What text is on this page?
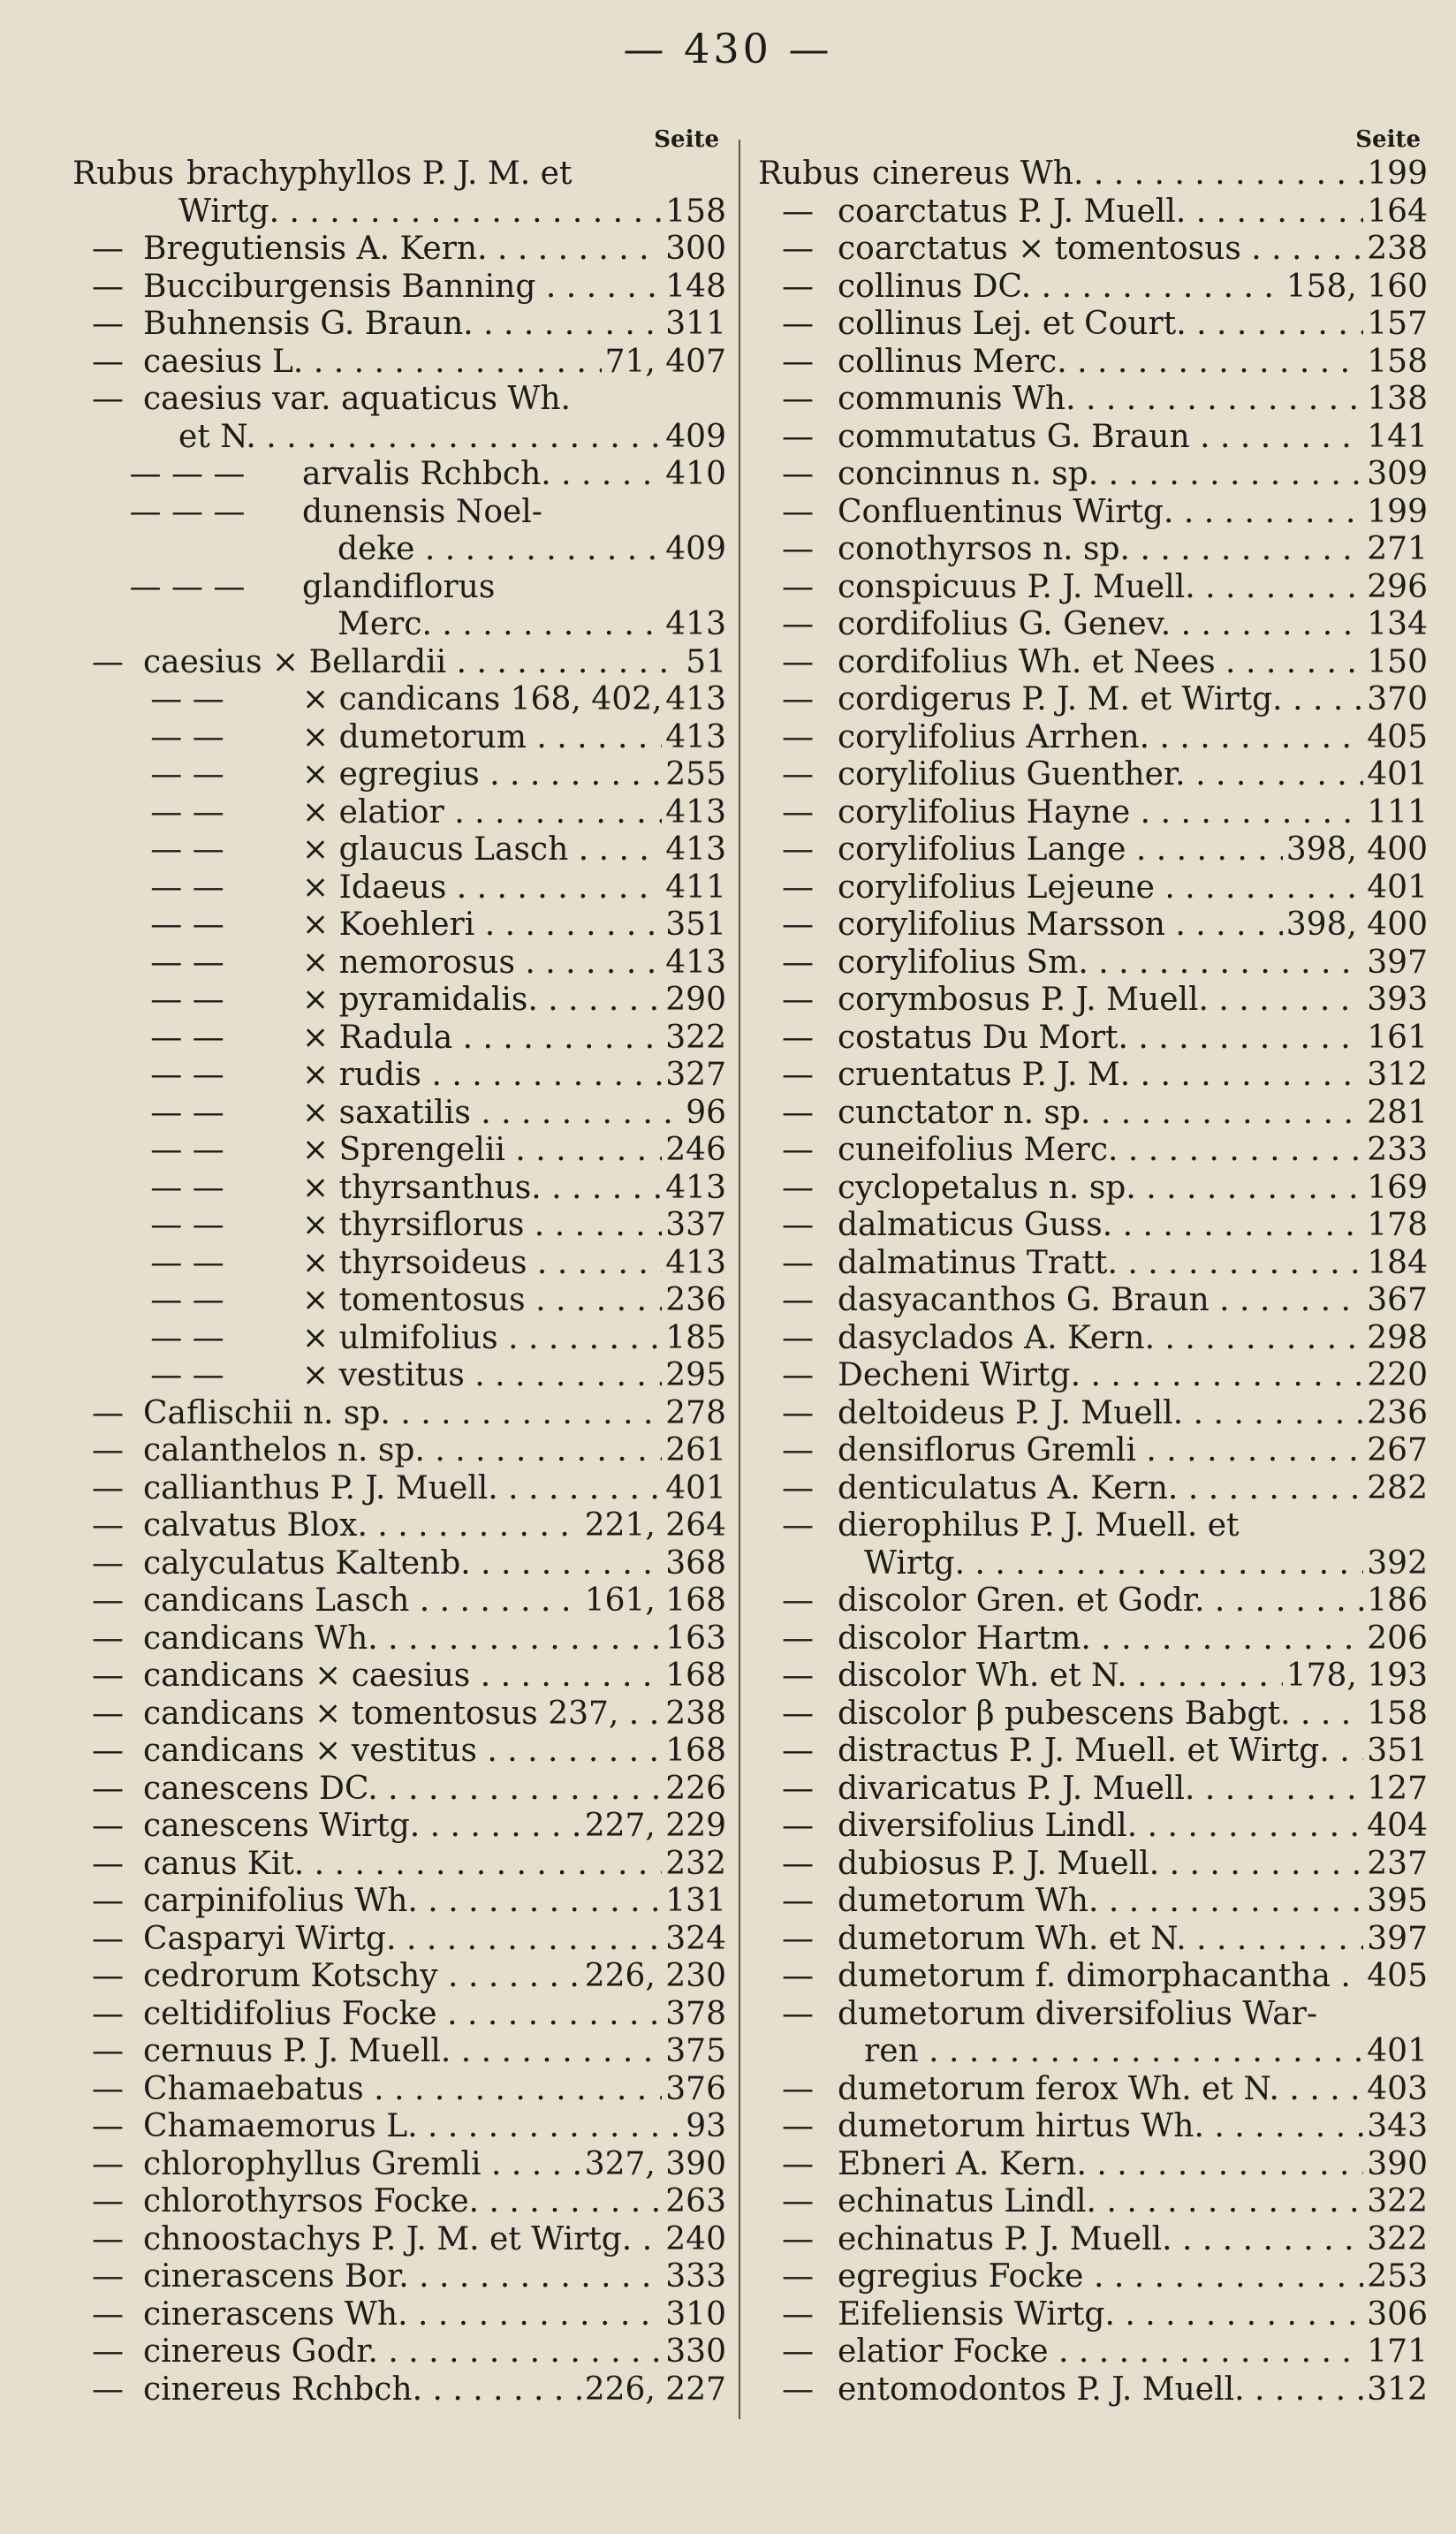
— 430 —
Seite
Rubus brachyphyllos P. J. M. et
Wirtg. . . .	158
— Bregutiensis A. Kern. . . .	300
— Bucciburgensis Banning . . .	148
— Buhnensis G. Braun. . . .	311
— caesius L. . . .	71, 407
— caesius var. aquaticus Wh.
et N. . . .	409
— — —	arvalis Rchbch. . . .	410
— — —	dunensis Noel-
deke . . .	409
— — —	glandiflorus
Merc. . . .	413
— caesius × Bellardii . . .	51
— —	× candicans 168, 402, . . . 413
— —	× dumetorum . . .	413
— —	× egregius . . .	255
— —	× elatior . . .	413
— —	× glaucus Lasch . . .	413
— —	× Idaeus . . .	411
— —	× Koehleri . . .	351
— —	× nemorosus . . .	413
— —	× pyramidalis. . . .	290
— —	× Radula . . .	322
— —	× rudis . . .	327
— —	× saxatilis . . .	96
— —	× Sprengelii . . .	246
— —	× thyrsanthus. . . .	413
— —	× thyrsiflorus . . .	337
— —	× thyrsoideus . . .	413
— —	× tomentosus . . .	236
— —	× ulmifolius . . .	185
— —	× vestitus . . .	295
— Caflischii n. sp. . . .	278
— calanthelos n. sp. . . .	261
— callianthus P. J. Muell. . . .	401
— calvatus Blox. . . .	221, 264
— calyculatus Kaltenb. . . .	368
— candicans Lasch . . .	161, 168
— candicans Wh. . . .	163
— candicans × caesius . . .	168
— candicans × tomentosus 237, . . .	238
— candicans × vestitus . . .	168
— canescens DC. . . .	226
— canescens Wirtg. . . .	227, 229
— canus Kit. . . .	232
— carpinifolius Wh. . . .	131
— Casparyi Wirtg. . . .	324
— cedrorum Kotschy . . .	226, 230
— celtidifolius Focke . . .	378
— cernuus P. J. Muell. . . .	375
— Chamaebatus . . .	376
— Chamaemorus L. . . .	93
— chlorophyllus Gremli . . .	327, 390
— chlorothyrsos Focke. . . .	263
— chnoostachys P. J. M. et Wirtg. . . .	240
— cinerascens Bor. . . .	333
— cinerascens Wh. . . .	310
— cinereus Godr. . . .	330
— cinereus Rchbch. . . .	226, 227
Seite
Rubus cinereus Wh. . . .	199
— coarctatus P. J. Muell. . . .	164
— coarctatus × tomentosus . . .	238
— collinus DC. . . .	158, 160
— collinus Lej. et Court. . . .	157
— collinus Merc. . . .	158
— communis Wh. . . .	138
— commutatus G. Braun . . .	141
— concinnus n. sp. . . .	309
— Confluentinus Wirtg. . . .	199
— conothyrsos n. sp. . . .	271
— conspicuus P. J. Muell. . . .	296
— cordifolius G. Genev. . . .	134
— cordifolius Wh. et Nees . . .	150
— cordigerus P. J. M. et Wirtg. . . .	370
— corylifolius Arrhen. . . .	405
— corylifolius Guenther. . . .	401
— corylifolius Hayne . . .	111
— corylifolius Lange . . .	398, 400
— corylifolius Lejeune . . .	401
— corylifolius Marsson . . .	398, 400
— corylifolius Sm. . . .	397
— corymbosus P. J. Muell. . . .	393
— costatus Du Mort. . . .	161
— cruentatus P. J. M. . . .	312
— cunctator n. sp. . . .	281
— cuneifolius Merc. . . .	233
— cyclopetalus n. sp. . . .	169
— dalmaticus Guss. . . .	178
— dalmatinus Tratt. . . .	184
— dasyacanthos G. Braun . . .	367
— dasyclados A. Kern. . . .	298
— Decheni Wirtg. . . .	220
— deltoideus P. J. Muell. . . .	236
— densiflorus Gremli . . .	267
— denticulatus A. Kern. . . .	282
— dierophilus P. J. Muell. et
Wirtg. . . .	392
— discolor Gren. et Godr. . . .	186
— discolor Hartm. . . .	206
— discolor Wh. et N. . . .	178, 193
— discolor β pubescens Babgt. . . .	158
— distractus P. J. Muell. et Wirtg. . . .	351
— divaricatus P. J. Muell. . . .	127
— diversifolius Lindl. . . .	404
— dubiosus P. J. Muell. . . .	237
— dumetorum Wh. . . .	395
— dumetorum Wh. et N. . . .	397
— dumetorum f. dimorphacantha . . .	405
— dumetorum diversifolius War-
ren . . .	401
— dumetorum ferox Wh. et N. . . .	403
— dumetorum hirtus Wh. . . .	343
— Ebneri A. Kern. . . .	390
— echinatus Lindl. . . .	322
— echinatus P. J. Muell. . . .	322
— egregius Focke . . .	253
— Eifeliensis Wirtg. . . .	306
— elatior Focke . . .	171
— entomodontos P. J. Muell. . . .	312
